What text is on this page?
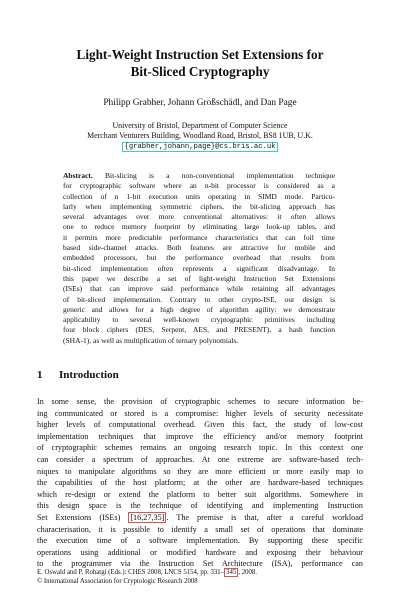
Light-Weight Instruction Set Extensions for
Bit-Sliced Cryptography
Philipp Grabher, Johann Großschädl, and Dan Page
University of Bristol, Department of Computer Science
Merchant Venturers Building, Woodland Road, Bristol, BS8 1UB, U.K.
{grabher,johann,page}@cs.bris.ac.uk
Abstract. Bit-slicing is a non-conventional implementation technique
for cryptographic software where an n-bit processor is considered as a
collection of n 1-bit execution units operating in SIMD mode. Particu-
larly when implementing symmetric ciphers, the bit-slicing approach has
several advantages over more conventional alternatives: it often allows
one to reduce memory footprint by eliminating large look-up tables, and
it permits more predictable performance characteristics that can foil time
based side-channel attacks. Both features are attractive for mobile and
embedded processors, but the performance overhead that results from
bit-sliced implementation often represents a significant disadvantage. In
this paper we describe a set of light-weight Instruction Set Extensions
(ISEs) that can improve said performance while retaining all advantages
of bit-sliced implementation. Contrary to other crypto-ISE, our design is
generic and allows for a high degree of algorithm agility: we demonstrate
applicability to several well-known cryptographic primitives including
four block ciphers (DES, Serpent, AES, and PRESENT), a hash function
(SHA-1), as well as multiplication of ternary polynomials.
1 Introduction
In some sense, the provision of cryptographic schemes to secure information be-
ing communicated or stored is a compromise: higher levels of security necessitate
higher levels of computational overhead. Given this fact, the study of low-cost
implementation techniques that improve the efficiency and/or memory footprint
of cryptographic schemes remains an ongoing research topic. In this context one
can consider a spectrum of approaches. At one extreme are software-based tech-
niques to manipulate algorithms so they are more efficient or more easily map to
the capabilities of the host platform; at the other are hardware-based techniques
which re-design or extend the platform to better suit algorithms. Somewhere in
this design space is the technique of identifying and implementing Instruction
Set Extensions (ISEs) [16,27,35] . The premise is that, after a careful workload
characterisation, it is possible to identify a small set of operations that dominate
the execution time of a software implementation. By supporting these specific
operations using additional or modified hardware and exposing their behaviour
to the programmer via the Instruction Set Architecture (ISA), performance can
E. Oswald and P. Rohatgi (Eds.): CHES 2008, LNCS 5154, pp. 331– 345 , 2008.
© International Association for Cryptologic Research 2008
